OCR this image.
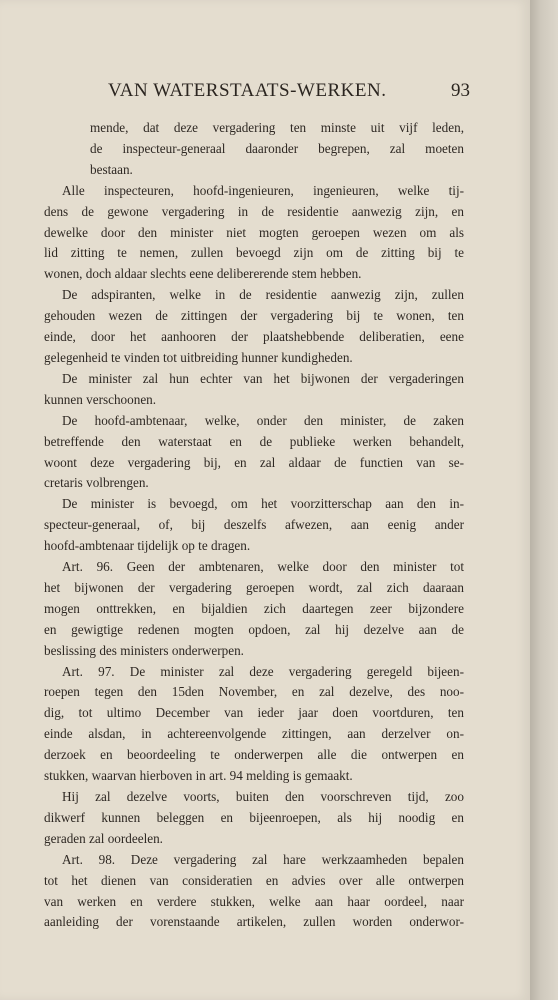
VAN WATERSTAATS-WERKEN.	93
mende, dat deze vergadering ten minste uit vijf leden,
de inspecteur-generaal daaronder begrepen, zal moeten
bestaan.
Alle inspecteuren, hoofd-ingenieuren, ingenieuren, welke tij-
dens de gewone vergadering in de residentie aanwezig zijn, en
dewelke door den minister niet mogten geroepen wezen om als
lid zitting te nemen, zullen bevoegd zijn om de zitting bij te
wonen, doch aldaar slechts eene delibererende stem hebben.
De adspiranten, welke in de residentie aanwezig zijn, zullen
gehouden wezen de zittingen der vergadering bij te wonen, ten
einde, door het aanhooren der plaatshebbende deliberatien, eene
gelegenheid te vinden tot uitbreiding hunner kundigheden.
De minister zal hun echter van het bijwonen der vergaderingen
kunnen verschoonen.
De hoofd-ambtenaar, welke, onder den minister, de zaken
betreffende den waterstaat en de publieke werken behandelt,
woont deze vergadering bij, en zal aldaar de functien van se-
cretaris volbrengen.
De minister is bevoegd, om het voorzitterschap aan den in-
specteur-generaal, of, bij deszelfs afwezen, aan eenig ander
hoofd-ambtenaar tijdelijk op te dragen.
Art. 96. Geen der ambtenaren, welke door den minister tot
het bijwonen der vergadering geroepen wordt, zal zich daaraan
mogen onttrekken, en bijaldien zich daartegen zeer bijzondere
en gewigtige redenen mogten opdoen, zal hij dezelve aan de
beslissing des ministers onderwerpen.
Art. 97. De minister zal deze vergadering geregeld bijeen-
roepen tegen den 15den November, en zal dezelve, des noo-
dig, tot ultimo December van ieder jaar doen voortduren, ten
einde alsdan, in achtereenvolgende zittingen, aan derzelver on-
derzoek en beoordeeling te onderwerpen alle die ontwerpen en
stukken, waarvan hierboven in art. 94 melding is gemaakt.
Hij zal dezelve voorts, buiten den voorschreven tijd, zoo
dikwerf kunnen beleggen en bijeenroepen, als hij noodig en
geraden zal oordeelen.
Art. 98. Deze vergadering zal hare werkzaamheden bepalen
tot het dienen van consideratien en advies over alle ontwerpen
van werken en verdere stukken, welke aan haar oordeel, naar
aanleiding der vorenstaande artikelen, zullen worden onderwor-
